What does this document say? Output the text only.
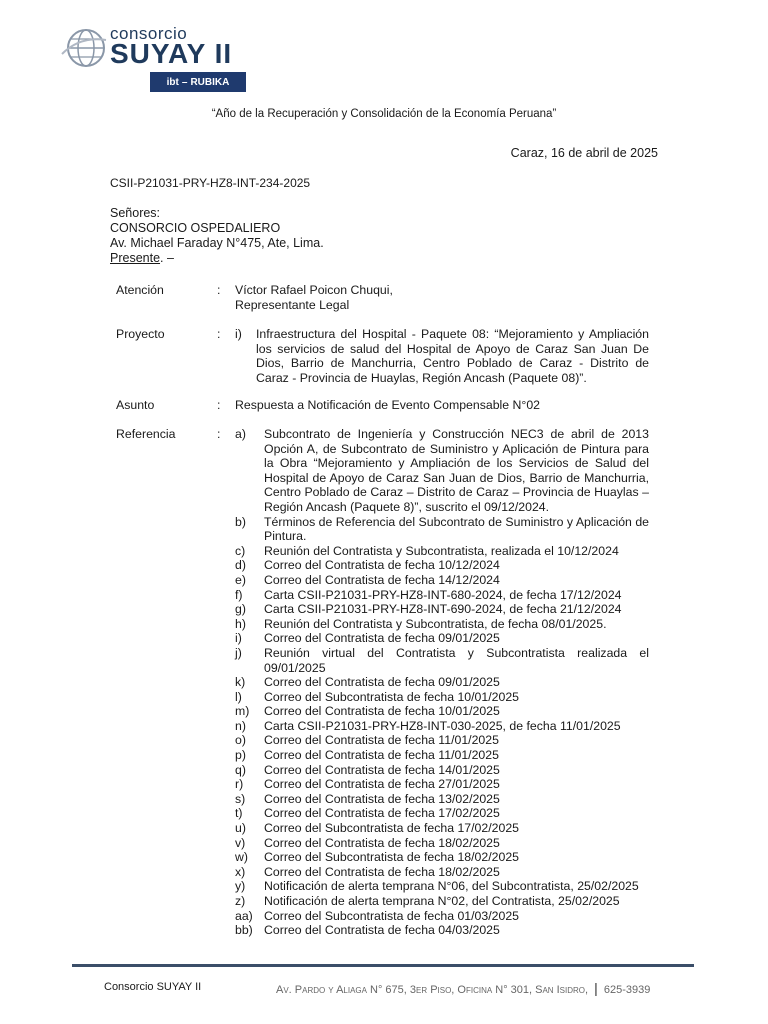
consorcio
SUYAY II
ibt – RUBIKA
“Año de la Recuperación y Consolidación de la Economía Peruana”
Caraz, 16 de abril de 2025
CSII-P21031-PRY-HZ8-INT-234-2025
Señores:
CONSORCIO OSPEDALIERO
Av. Michael Faraday N°475, Ate, Lima.
Presente. –
Atención	: Víctor Rafael Poicon Chuqui,
Representante Legal
Proyecto	: i)	Infraestructura del Hospital - Paquete 08: “Mejoramiento y Ampliación los servicios de salud del Hospital de Apoyo de Caraz San Juan De Dios, Barrio de Manchurria, Centro Poblado de Caraz - Distrito de Caraz - Provincia de Huaylas, Región Ancash (Paquete 08)”.
Asunto	: Respuesta a Notificación de Evento Compensable N°02
Referencia	: a)	Subcontrato de Ingeniería y Construcción NEC3 de abril de 2013 Opción A, de Subcontrato de Suministro y Aplicación de Pintura para la Obra “Mejoramiento y Ampliación de los Servicios de Salud del Hospital de Apoyo de Caraz San Juan de Dios, Barrio de Manchurria, Centro Poblado de Caraz – Distrito de Caraz – Provincia de Huaylas – Región Ancash (Paquete 8)”, suscrito el 09/12/2024.
b)	Términos de Referencia del Subcontrato de Suministro y Aplicación de Pintura.
c)	Reunión del Contratista y Subcontratista, realizada el 10/12/2024
d)	Correo del Contratista de fecha 10/12/2024
e)	Correo del Contratista de fecha 14/12/2024
f)	Carta CSII-P21031-PRY-HZ8-INT-680-2024, de fecha 17/12/2024
g)	Carta CSII-P21031-PRY-HZ8-INT-690-2024, de fecha 21/12/2024
h)	Reunión del Contratista y Subcontratista, de fecha 08/01/2025.
i)	Correo del Contratista de fecha 09/01/2025
j)	Reunión virtual del Contratista y Subcontratista realizada el 09/01/2025
k)	Correo del Contratista de fecha 09/01/2025
l)	Correo del Subcontratista de fecha 10/01/2025
m)	Correo del Contratista de fecha 10/01/2025
n)	Carta CSII-P21031-PRY-HZ8-INT-030-2025, de fecha 11/01/2025
o)	Correo del Contratista de fecha 11/01/2025
p)	Correo del Contratista de fecha 11/01/2025
q)	Correo del Contratista de fecha 14/01/2025
r)	Correo del Contratista de fecha 27/01/2025
s)	Correo del Contratista de fecha 13/02/2025
t)	Correo del Contratista de fecha 17/02/2025
u)	Correo del Subcontratista de fecha 17/02/2025
v)	Correo del Contratista de fecha 18/02/2025
w)	Correo del Subcontratista de fecha 18/02/2025
x)	Correo del Contratista de fecha 18/02/2025
y)	Notificación de alerta temprana N°06, del Subcontratista, 25/02/2025
z)	Notificación de alerta temprana N°02, del Contratista, 25/02/2025
aa) Correo del Subcontratista de fecha 01/03/2025
bb) Correo del Contratista de fecha 04/03/2025
Consorcio SUYAY II	Av. Pardo y Aliaga N° 675, 3er Piso, Oficina N° 301, San Isidro, | 625-3939
